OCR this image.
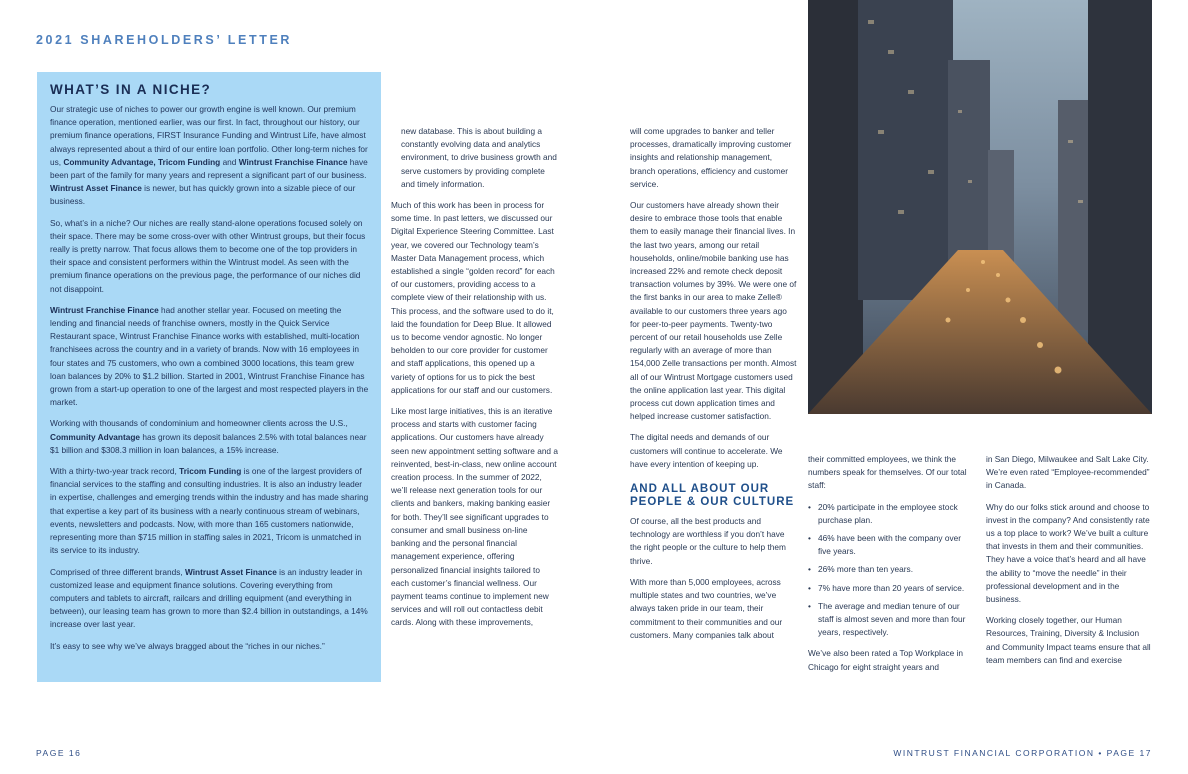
2021 SHAREHOLDERS’ LETTER
WHAT’S IN A NICHE?

Our strategic use of niches to power our growth engine is well known. Our premium finance operation, mentioned earlier, was our first. In fact, throughout our history, our premium finance operations, FIRST Insurance Funding and Wintrust Life, have almost always represented about a third of our entire loan portfolio. Other long-term niches for us, Community Advantage, Tricom Funding and Wintrust Franchise Finance have been part of the family for many years and represent a significant part of our business. Wintrust Asset Finance is newer, but has quickly grown into a sizable piece of our business.

So, what’s in a niche? Our niches are really stand-alone operations focused solely on their space. There may be some cross-over with other Wintrust groups, but their focus really is pretty narrow. That focus allows them to become one of the top providers in their space and consistent performers within the Wintrust model. As seen with the premium finance operations on the previous page, the performance of our niches did not disappoint.

Wintrust Franchise Finance had another stellar year. Focused on meeting the lending and financial needs of franchise owners, mostly in the Quick Service Restaurant space, Wintrust Franchise Finance works with established, multi-location franchisees across the country and in a variety of brands. Now with 16 employees in four states and 75 customers, who own a combined 3000 locations, this team grew loan balances by 20% to $1.2 billion. Started in 2001, Wintrust Franchise Finance has grown from a start-up operation to one of the largest and most respected players in the market.

Working with thousands of condominium and homeowner clients across the U.S., Community Advantage has grown its deposit balances 2.5% with total balances near $1 billion and $308.3 million in loan balances, a 15% increase.

With a thirty-two-year track record, Tricom Funding is one of the largest providers of financial services to the staffing and consulting industries. It is also an industry leader in expertise, challenges and emerging trends within the industry and has made sharing that expertise a key part of its business with a nearly continuous stream of webinars, events, newsletters and podcasts. Now, with more than 165 customers nationwide, representing more than $715 million in staffing sales in 2021, Tricom is unmatched in its service to its industry.

Comprised of three different brands, Wintrust Asset Finance is an industry leader in customized lease and equipment finance solutions. Covering everything from computers and tablets to aircraft, railcars and drilling equipment (and everything in between), our leasing team has grown to more than $2.4 billion in outstandings, a 14% increase over last year.

It’s easy to see why we’ve always bragged about the “riches in our niches.”

new database. This is about building a constantly evolving data and analytics environment, to drive business growth and serve customers by providing complete and timely information.

Much of this work has been in process for some time. In past letters, we discussed our Digital Experience Steering Committee. Last year, we covered our Technology team’s Master Data Management process, which established a single “golden record” for each of our customers, providing access to a complete view of their relationship with us. This process, and the software used to do it, laid the foundation for Deep Blue. It allowed us to become vendor agnostic. No longer beholden to our core provider for customer and staff applications, this opened up a variety of options for us to pick the best applications for our staff and our customers.

Like most large initiatives, this is an iterative process and starts with customer facing applications. Our customers have already seen new appointment setting software and a reinvented, best-in-class, new online account creation process. In the summer of 2022, we’ll release next generation tools for our clients and bankers, making banking easier for both. They’ll see significant upgrades to consumer and small business on-line banking and the personal financial management experience, offering personalized financial insights tailored to each customer’s financial wellness. Our payment teams continue to implement new services and will roll out contactless debit cards. Along with these improvements,

will come upgrades to banker and teller processes, dramatically improving customer insights and relationship management, branch operations, efficiency and customer service.

Our customers have already shown their desire to embrace those tools that enable them to easily manage their financial lives. In the last two years, among our retail households, online/mobile banking use has increased 22% and remote check deposit transaction volumes by 39%. We were one of the first banks in our area to make Zelle® available to our customers three years ago for peer-to-peer payments. Twenty-two percent of our retail households use Zelle regularly with an average of more than 154,000 Zelle transactions per month. Almost all of our Wintrust Mortgage customers used the online application last year. This digital process cut down application times and helped increase customer satisfaction.

The digital needs and demands of our customers will continue to accelerate. We have every intention of keeping up.

AND ALL ABOUT OUR PEOPLE & OUR CULTURE

Of course, all the best products and technology are worthless if you don’t have the right people or the culture to help them thrive.

With more than 5,000 employees, across multiple states and two countries, we’ve always taken pride in our team, their commitment to their communities and our customers. Many companies talk about

their committed employees, we think the numbers speak for themselves. Of our total staff:

• 20% participate in the employee stock purchase plan.
• 46% have been with the company over five years.
• 26% more than ten years.
• 7% have more than 20 years of service.
• The average and median tenure of our staff is almost seven and more than four years, respectively.

We’ve also been rated a Top Workplace in Chicago for eight straight years and

in San Diego, Milwaukee and Salt Lake City. We’re even rated “Employee-recommended” in Canada.

Why do our folks stick around and choose to invest in the company? And consistently rate us a top place to work? We’ve built a culture that invests in them and their communities. They have a voice that’s heard and all have the ability to “move the needle” in their professional development and in the business.

Working closely together, our Human Resources, Training, Diversity & Inclusion and Community Impact teams ensure that all team members can find and exercise

PAGE 16	WINTRUST FINANCIAL CORPORATION • PAGE 17
